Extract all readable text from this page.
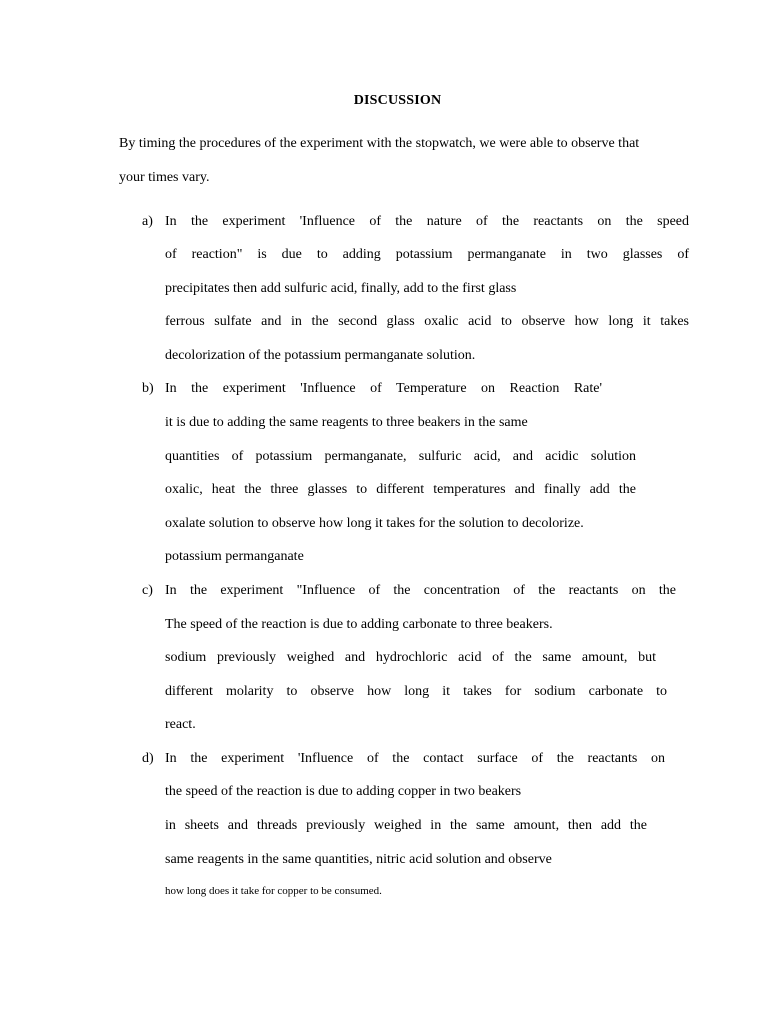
DISCUSSION
By timing the procedures of the experiment with the stopwatch, we were able to observe that
your times vary.
a) In the experiment 'Influence of the nature of the reactants on the speed
of reaction" is due to adding potassium permanganate in two glasses of
precipitates then add sulfuric acid, finally, add to the first glass
ferrous sulfate and in the second glass oxalic acid to observe how long it takes
decolorization of the potassium permanganate solution.
b) In the experiment 'Influence of Temperature on Reaction Rate'
it is due to adding the same reagents to three beakers in the same
quantities of potassium permanganate, sulfuric acid, and acidic solution
oxalic, heat the three glasses to different temperatures and finally add the
oxalate solution to observe how long it takes for the solution to decolorize.
potassium permanganate
c) In the experiment "Influence of the concentration of the reactants on the
The speed of the reaction is due to adding carbonate to three beakers.
sodium previously weighed and hydrochloric acid of the same amount, but
different molarity to observe how long it takes for sodium carbonate to
react.
d) In the experiment 'Influence of the contact surface of the reactants on
the speed of the reaction is due to adding copper in two beakers
in sheets and threads previously weighed in the same amount, then add the
same reagents in the same quantities, nitric acid solution and observe
how long does it take for copper to be consumed.
